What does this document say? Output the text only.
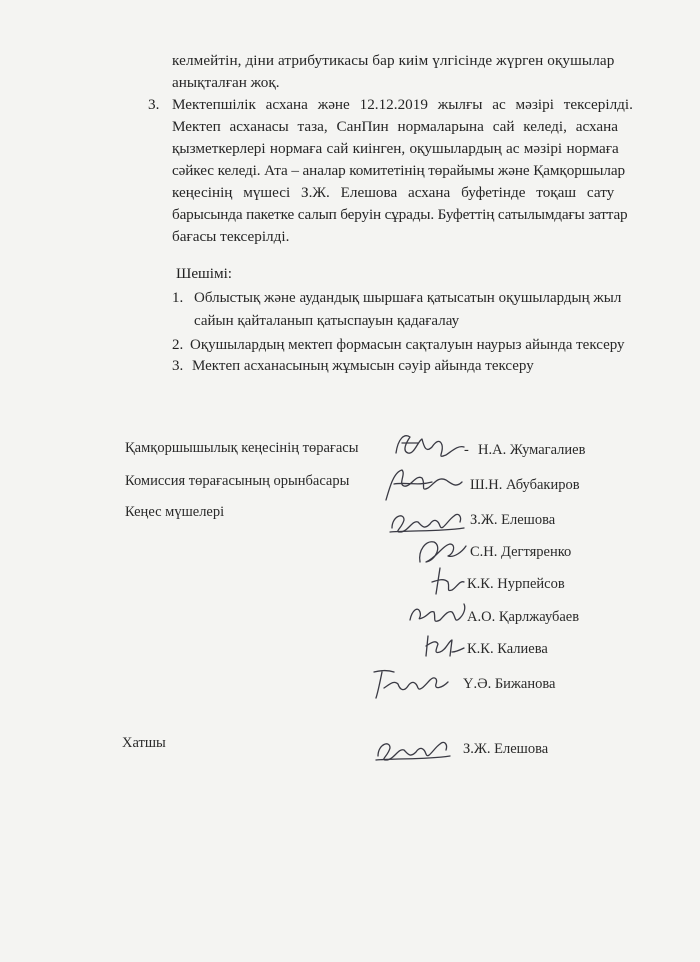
келмейтін, діни атрибутикасы бар киім үлгісінде жүрген оқушылар
анықталған жоқ.
3. Мектепшілік асхана және 12.12.2019 жылғы ас мәзірі тексерілді.
Мектеп асханасы таза, СанПин нормаларына сай келеді, асхана
қызметкерлері нормаға сай киінген, оқушылардың ас мәзірі нормаға
сәйкес келеді. Ата – аналар комитетінің төрайымы және Қамқоршылар
кеңесінің мүшесі З.Ж. Елешова асхана буфетінде тоқаш сату
барысында пакетке салып беруін сұрады. Буфеттің сатылымдағы заттар
бағасы тексерілді.
Шешімі:
1. Облыстық және аудандық шыршаға қатысатын оқушылардың жыл
сайын қайталанып қатыспауын қадағалау
2. Оқушылардың мектеп формасын сақталуын наурыз айында тексеру
3. Мектеп асханасының жұмысын сәуір айында тексеру
Қамқоршышылық кеңесінің төрағасы	- Н.А. Жумагалиев
Комиссия төрағасының орынбасары	Ш.Н. Абубакиров
Кеңес мүшелері	З.Ж. Елешова
С.Н. Дегтяренко
К.К. Нурпейсов
А.О. Қарлжаубаев
К.К. Калиева
Ү.Ә. Бижанова
Хатшы	З.Ж. Елешова
